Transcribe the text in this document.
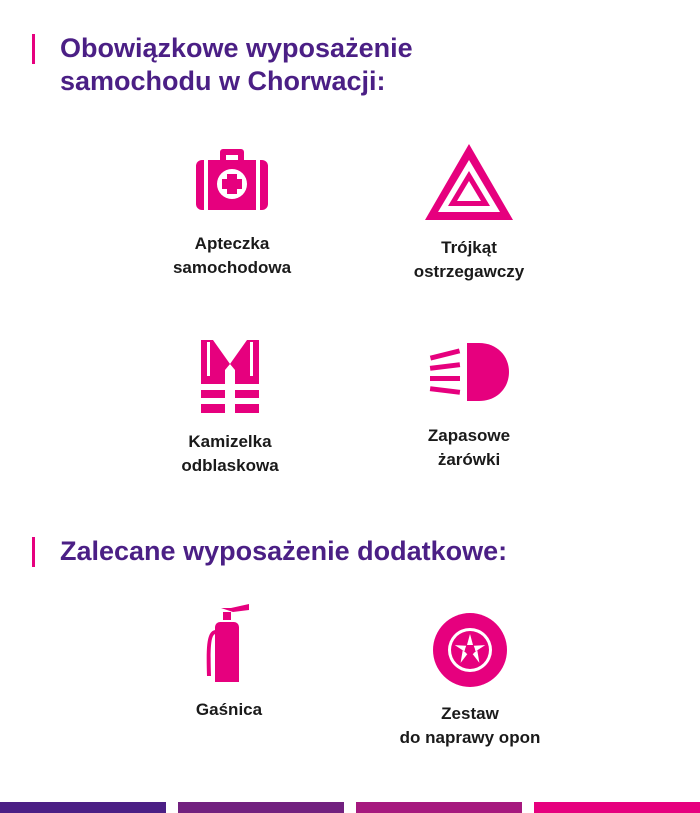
Obowiązkowe wyposażenie
samochodu w Chorwacji:
Apteczka
samochodowa
Trójkąt
ostrzegawczy
Kamizelka
odblaskowa
Zapasowe
żarówki
Zalecane wyposażenie dodatkowe:
Gaśnica	Zestaw
do naprawy opon
